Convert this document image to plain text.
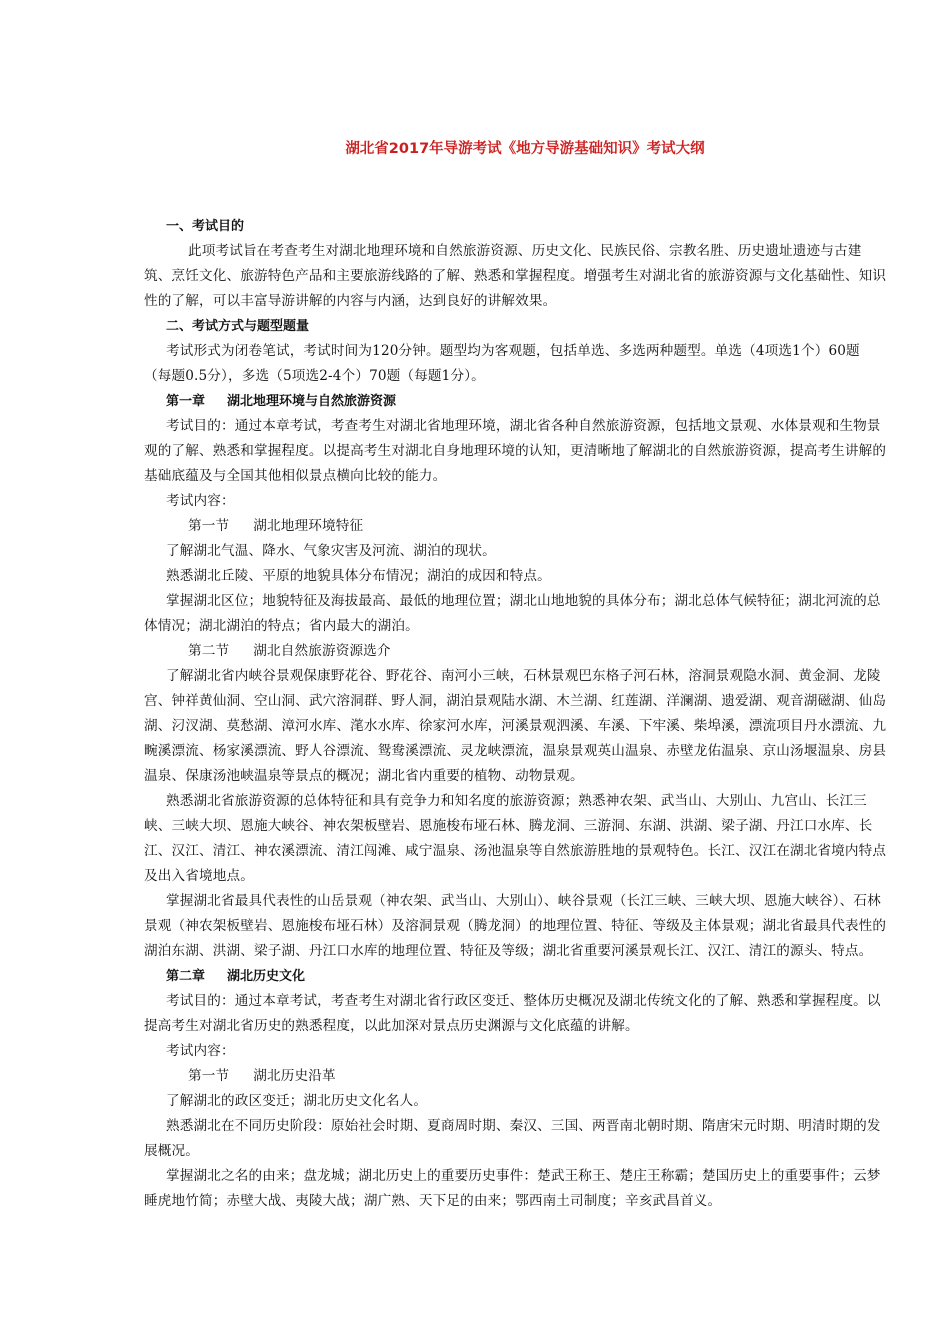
湖北省2017年导游考试《地方导游基础知识》考试大纲
一、考试目的
此项考试旨在考查考生对湖北地理环境和自然旅游资源、历史文化、民族民俗、宗教名胜、历史遗址遗迹与古建筑、烹饪文化、旅游特色产品和主要旅游线路的了解、熟悉和掌握程度。增强考生对湖北省的旅游资源与文化基础性、知识性的了解，可以丰富导游讲解的内容与内涵，达到良好的讲解效果。
二、考试方式与题型题量
考试形式为闭卷笔试，考试时间为120分钟。题型均为客观题，包括单选、多选两种题型。单选（4项选1个）60题（每题0.5分），多选（5项选2-4个）70题（每题1分）。
第一章 湖北地理环境与自然旅游资源
考试目的：通过本章考试，考查考生对湖北省地理环境，湖北省各种自然旅游资源，包括地文景观、水体景观和生物景观的了解、熟悉和掌握程度。以提高考生对湖北自身地理环境的认知，更清晰地了解湖北的自然旅游资源，提高考生讲解的基础底蕴及与全国其他相似景点横向比较的能力。
考试内容：
第一节 湖北地理环境特征
了解湖北气温、降水、气象灾害及河流、湖泊的现状。
熟悉湖北丘陵、平原的地貌具体分布情况；湖泊的成因和特点。
掌握湖北区位；地貌特征及海拔最高、最低的地理位置；湖北山地地貌的具体分布；湖北总体气候特征；湖北河流的总体情况；湖北湖泊的特点；省内最大的湖泊。
第二节 湖北自然旅游资源选介
了解湖北省内峡谷景观保康野花谷、野花谷、南河小三峡，石林景观巴东格子河石林，溶洞景观隐水洞、黄金洞、龙陵宫、钟祥黄仙洞、空山洞、武穴溶洞群、野人洞，湖泊景观陆水湖、木兰湖、红莲湖、洋澜湖、遗爱湖、观音湖磁湖、仙岛湖、汈汊湖、莫愁湖、漳河水库、滗水水库、徐家河水库，河溪景观泗溪、车溪、下牢溪、柴埠溪，漂流项目丹水漂流、九畹溪漂流、杨家溪漂流、野人谷漂流、鸳鸯溪漂流、灵龙峡漂流，温泉景观英山温泉、赤壁龙佑温泉、京山汤堰温泉、房县温泉、保康汤池峡温泉等景点的概况；湖北省内重要的植物、动物景观。
熟悉湖北省旅游资源的总体特征和具有竞争力和知名度的旅游资源；熟悉神农架、武当山、大别山、九宫山、长江三峡、三峡大坝、恩施大峡谷、神农架板壁岩、恩施梭布垭石林、腾龙洞、三游洞、东湖、洪湖、梁子湖、丹江口水库、长江、汉江、清江、神农溪漂流、清江闯滩、咸宁温泉、汤池温泉等自然旅游胜地的景观特色。长江、汉江在湖北省境内特点及出入省境地点。
掌握湖北省最具代表性的山岳景观（神农架、武当山、大别山）、峡谷景观（长江三峡、三峡大坝、恩施大峡谷）、石林景观（神农架板壁岩、恩施梭布垭石林）及溶洞景观（腾龙洞）的地理位置、特征、等级及主体景观；湖北省最具代表性的湖泊东湖、洪湖、梁子湖、丹江口水库的地理位置、特征及等级；湖北省重要河溪景观长江、汉江、清江的源头、特点。
第二章 湖北历史文化
考试目的：通过本章考试，考查考生对湖北省行政区变迁、整体历史概况及湖北传统文化的了解、熟悉和掌握程度。以提高考生对湖北省历史的熟悉程度，以此加深对景点历史渊源与文化底蕴的讲解。
考试内容：
第一节 湖北历史沿革
了解湖北的政区变迁；湖北历史文化名人。
熟悉湖北在不同历史阶段：原始社会时期、夏商周时期、秦汉、三国、两晋南北朝时期、隋唐宋元时期、明清时期的发展概况。
掌握湖北之名的由来；盘龙城；湖北历史上的重要历史事件：楚武王称王、楚庄王称霸；楚国历史上的重要事件；云梦睡虎地竹简；赤壁大战、夷陵大战；湖广熟、天下足的由来；鄂西南土司制度；辛亥武昌首义。
